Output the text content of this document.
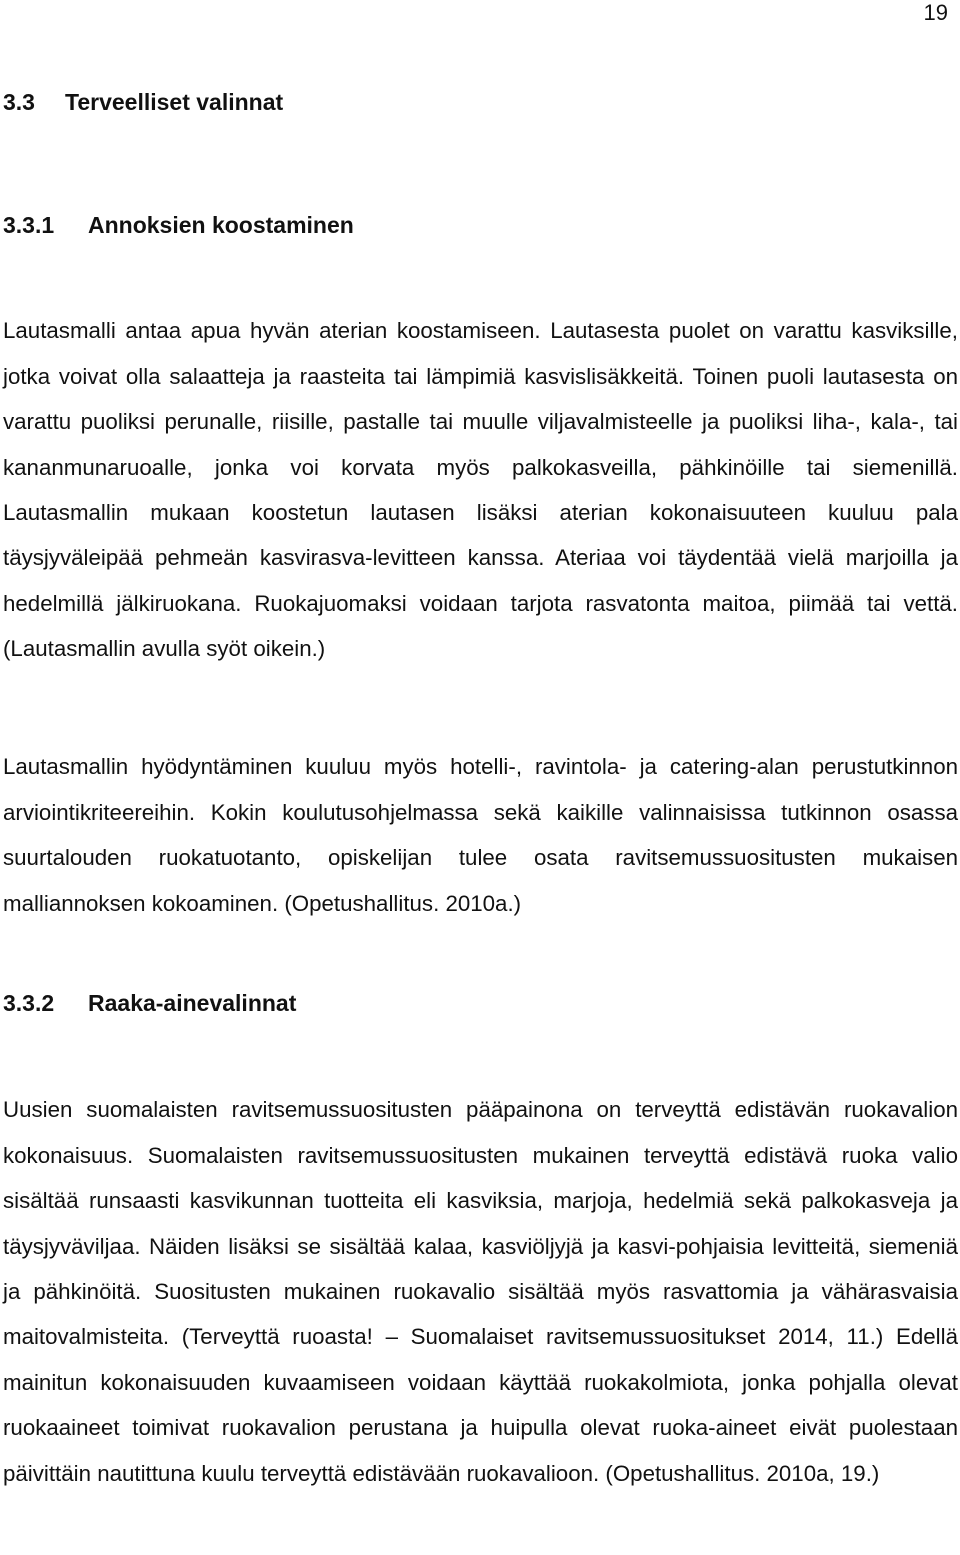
19
3.3 Terveelliset valinnat
3.3.1 Annoksien koostaminen

Lautasmalli antaa apua hyvän aterian koostamiseen. Lautasesta puolet on varattu kasviksille, jotka voivat olla salaatteja ja raasteita tai lämpimiä kasvislisäkkeitä. Toinen puoli lautasesta on varattu puoliksi perunalle, riisille, pastalle tai muulle viljavalmisteelle ja puoliksi liha-, kala-, tai kananmunaruoalle, jonka voi korvata myös palkokasveilla, pähkinöille tai siemenillä. Lautasmallin mukaan koostetun lautasen lisäksi aterian kokonaisuuteen kuuluu pala täysjyväleipää pehmeän kasvirasva-levitteen kanssa. Ateriaa voi täydentää vielä marjoilla ja hedelmillä jälkiruokana. Ruokajuomaksi voidaan tarjota rasvatonta maitoa, piimää tai vettä. (Lautasmallin avulla syöt oikein.)

Lautasmallin hyödyntäminen kuuluu myös hotelli-, ravintola- ja catering-alan perustutkinnon arviointikriteereihin. Kokin koulutusohjelmassa sekä kaikille valinnaisissa tutkinnon osassa suurtalouden ruokatuotanto, opiskelijan tulee osata ravitsemussuositusten mukaisen malliannoksen kokoaminen. (Opetushallitus. 2010a.)

3.3.2 Raaka-ainevalinnat

Uusien suomalaisten ravitsemussuositusten pääpainona on terveyttä edistävän ruokavalion kokonaisuus. Suomalaisten ravitsemussuositusten mukainen terveyttä edistävä ruoka valio sisältää runsaasti kasvikunnan tuotteita eli kasviksia, marjoja, hedelmiä sekä palkokasveja ja täysjyväviljaa. Näiden lisäksi se sisältää kalaa, kasviöljyjä ja kasvi-pohjaisia levitteitä, siemeniä ja pähkinöitä. Suositusten mukainen ruokavalio sisältää myös rasvattomia ja vähärasvaisia maitovalmisteita. (Terveyttä ruoasta! – Suomalaiset ravitsemussuositukset 2014, 11.) Edellä mainitun kokonaisuuden kuvaamiseen voidaan käyttää ruokakolmiota, jonka pohjalla olevat ruokaaineet toimivat ruokavalion perustana ja huipulla olevat ruoka-aineet eivät puolestaan päivittäin nautittuna kuulu terveyttä edistävään ruokavalioon. (Opetushallitus. 2010a, 19.)
